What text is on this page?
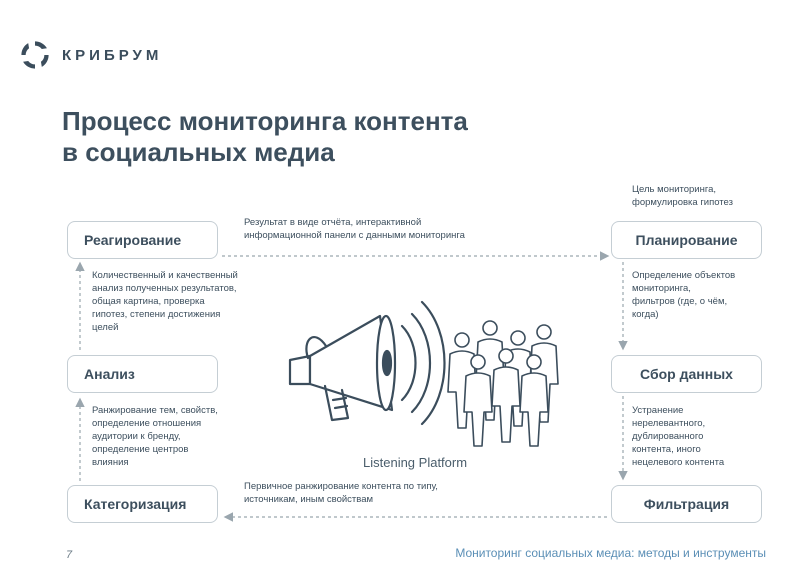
КРИБРУМ
Процесс мониторинга контента
в социальных медиа
Реагирование
Анализ
Категоризация
Планирование
Сбор данных
Фильтрация
Цель мониторинга,
формулировка гипотез
Результат в виде отчёта, интерактивной
информационной панели с данными мониторинга
Определение объектов
мониторинга,
фильтров (где, о чём,
когда)
Количественный и качественный
анализ полученных результатов,
общая картина, проверка
гипотез, степени достижения
целей
Ранжирование тем, свойств,
определение отношения
аудитории к бренду,
определение центров
влияния
Устранение
нерелевантного,
дублированного
контента, иного
нецелевого контента
Первичное ранжирование контента по типу,
источникам, иным свойствам
Listening Platform
7	Мониторинг социальных медиа: методы и инструменты
